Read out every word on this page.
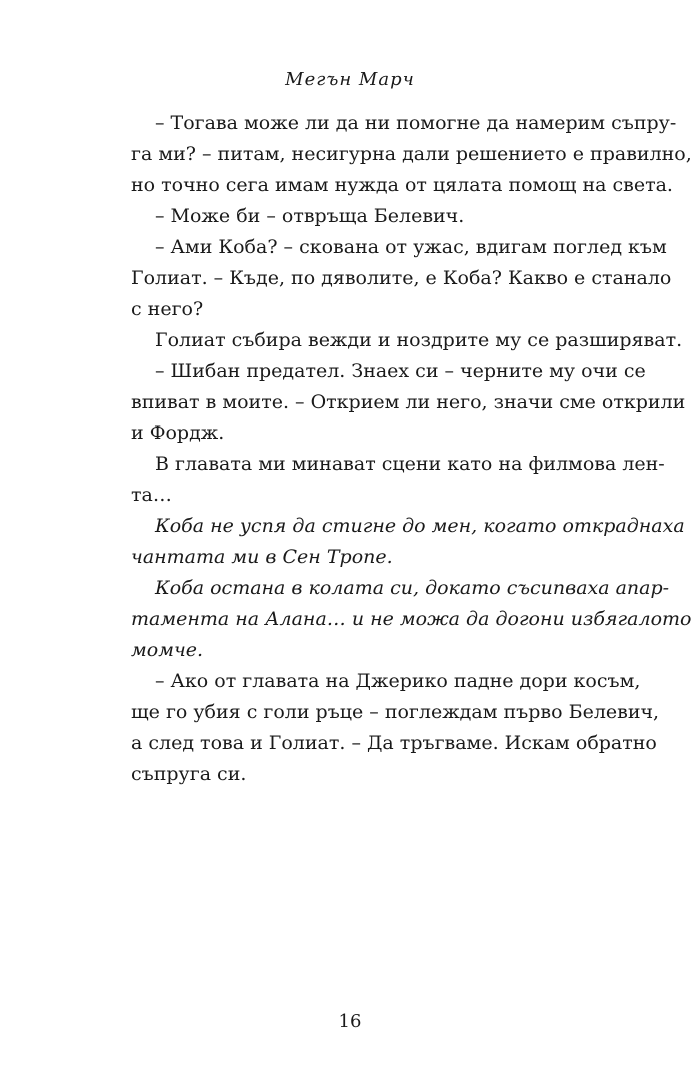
Мегън Марч

– Тогава може ли да ни помогне да намерим съпру-
га ми? – питам, несигурна дали решението е правилно,
но точно сега имам нужда от цялата помощ на света.

– Може би – отвръща Белевич.

– Ами Коба? – скована от ужас, вдигам поглед към
Голиат. – Къде, по дяволите, е Коба? Какво е станало
с него?

Голиат събира вежди и ноздрите му се разширяват.

– Шибан предател. Знаех си – черните му очи се
впиват в моите. – Открием ли него, значи сме открили
и Фордж.

В главата ми минават сцени като на филмова лен-
та…

Коба не успя да стигне до мен, когато откраднаха
чантата ми в Сен Тропе.

Коба остана в колата си, докато съсипваха апар-
тамента на Алана… и не можа да догони избягалото
момче.

– Ако от главата на Джерико падне дори косъм,
ще го убия с голи ръце – поглеждам първо Белевич,
а след това и Голиат. – Да тръгваме. Искам обратно
съпруга си.

16
